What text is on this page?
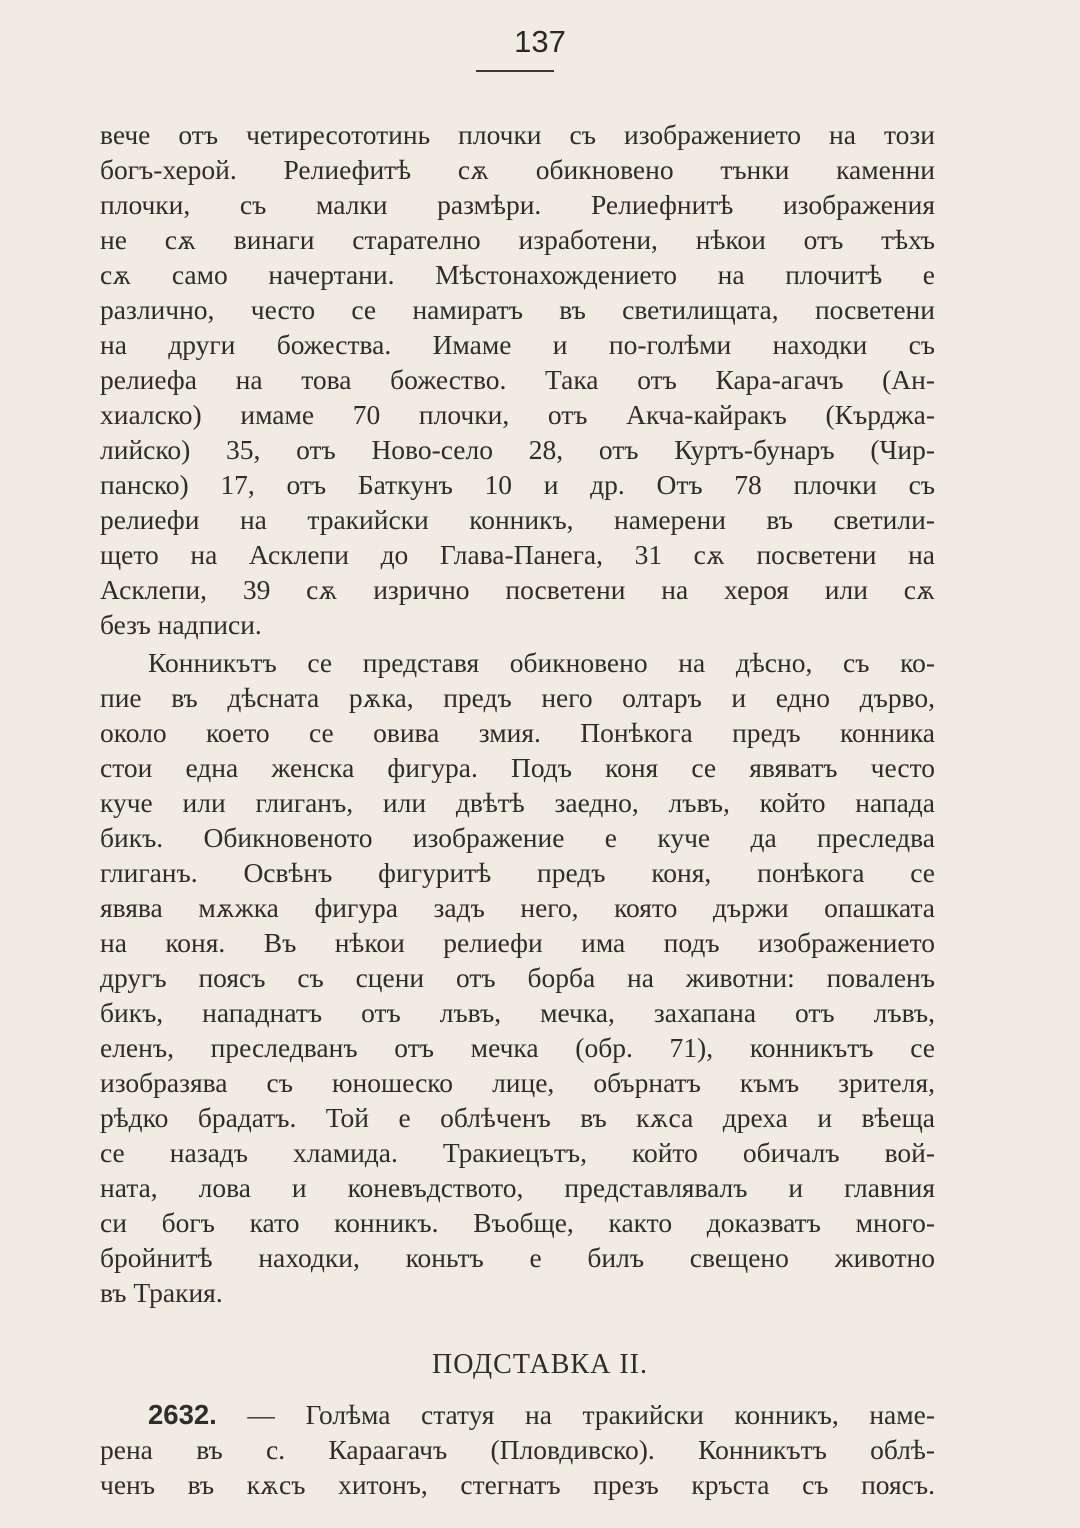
137
вече отъ четиресототинь плочки съ изображението на този
богъ-херой. Релиефитѣ сѫ обикновено тънки каменни
плочки, съ малки размѣри. Релиефнитѣ изображения
не сѫ винаги старателно изработени, нѣкои отъ тѣхъ
сѫ само начертани. Мѣстонахождението на плочитѣ е
различно, често се намиратъ въ светилищата, посветени
на други божества. Имаме и по-голѣми находки съ
релиефа на това божество. Така отъ Кара-агачъ (Ан-
хиалско) имаме 70 плочки, отъ Акча-кайракъ (Кърджа-
лийско) 35, отъ Ново-село 28, отъ Куртъ-бунаръ (Чир-
панско) 17, отъ Баткунъ 10 и др. Отъ 78 плочки съ
релиефи на тракийски конникъ, намерени въ светили-
щето на Асклепи до Глава-Панега, 31 сѫ посветени на
Асклепи, 39 сѫ изрично посветени на хероя или сѫ
безъ надписи.
Конникътъ се представя обикновено на дѣсно, съ ко-
пие въ дѣсната рѫка, предъ него олтаръ и едно дърво,
около което се овива змия. Понѣкога предъ конника
стои една женска фигура. Подъ коня се явяватъ често
куче или глиганъ, или двѣтѣ заедно, лъвъ, който напада
бикъ. Обикновеното изображение е куче да преследва
глиганъ. Освѣнъ фигуритѣ предъ коня, понѣкога се
явява мѫжка фигура задъ него, която държи опашката
на коня. Въ нѣкои релиефи има подъ изображението
другъ поясъ съ сцени отъ борба на животни: поваленъ
бикъ, нападнатъ отъ лъвъ, мечка, захапана отъ лъвъ,
еленъ, преследванъ отъ мечка (обр. 71), конникътъ се
изобразява съ юношеско лице, обърнатъ къмъ зрителя,
рѣдко брадатъ. Той е облѣченъ въ кѫса дреха и вѣеща
се назадъ хламида. Тракиецътъ, който обичалъ вой-
ната, лова и коневъдството, представлявалъ и главния
си богъ като конникъ. Въобще, както доказватъ много-
бройнитѣ находки, коньтъ е билъ свещено животно
въ Тракия.
ПОДСТАВКА II.
2632. — Голѣма статуя на тракийски конникъ, наме-
рена въ с. Караагачъ (Пловдивско). Конникътъ облѣ-
ченъ въ кѫсъ хитонъ, стегнатъ презъ кръста съ поясъ.
